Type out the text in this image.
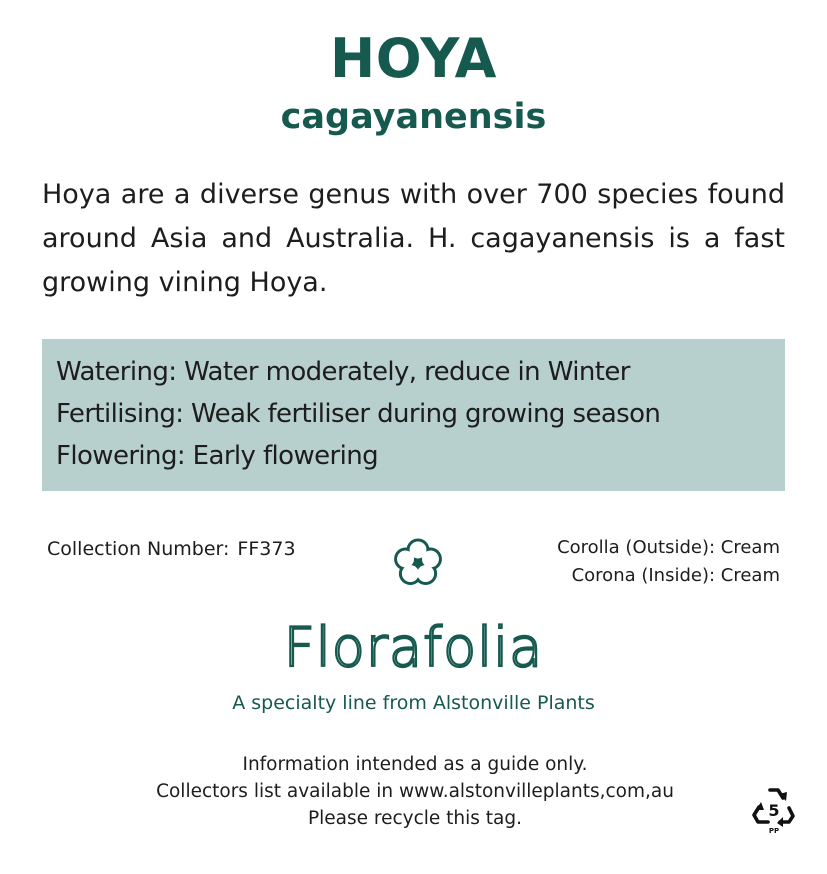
HOYA
cagayanensis

Hoya are a diverse genus with over 700 species found around Asia and Australia. H. cagayanensis is a fast growing vining Hoya.

Watering: Water moderately, reduce in Winter
Fertilising: Weak fertiliser during growing season
Flowering: Early flowering
Collection Number: FF373	Corolla (Outside): Cream
Corona (Inside): Cream
Florafolia
A specialty line from Alstonville Plants
Information intended as a guide only.
Collectors list available in www.alstonvilleplants,com,au
Please recycle this tag.	5
PP
